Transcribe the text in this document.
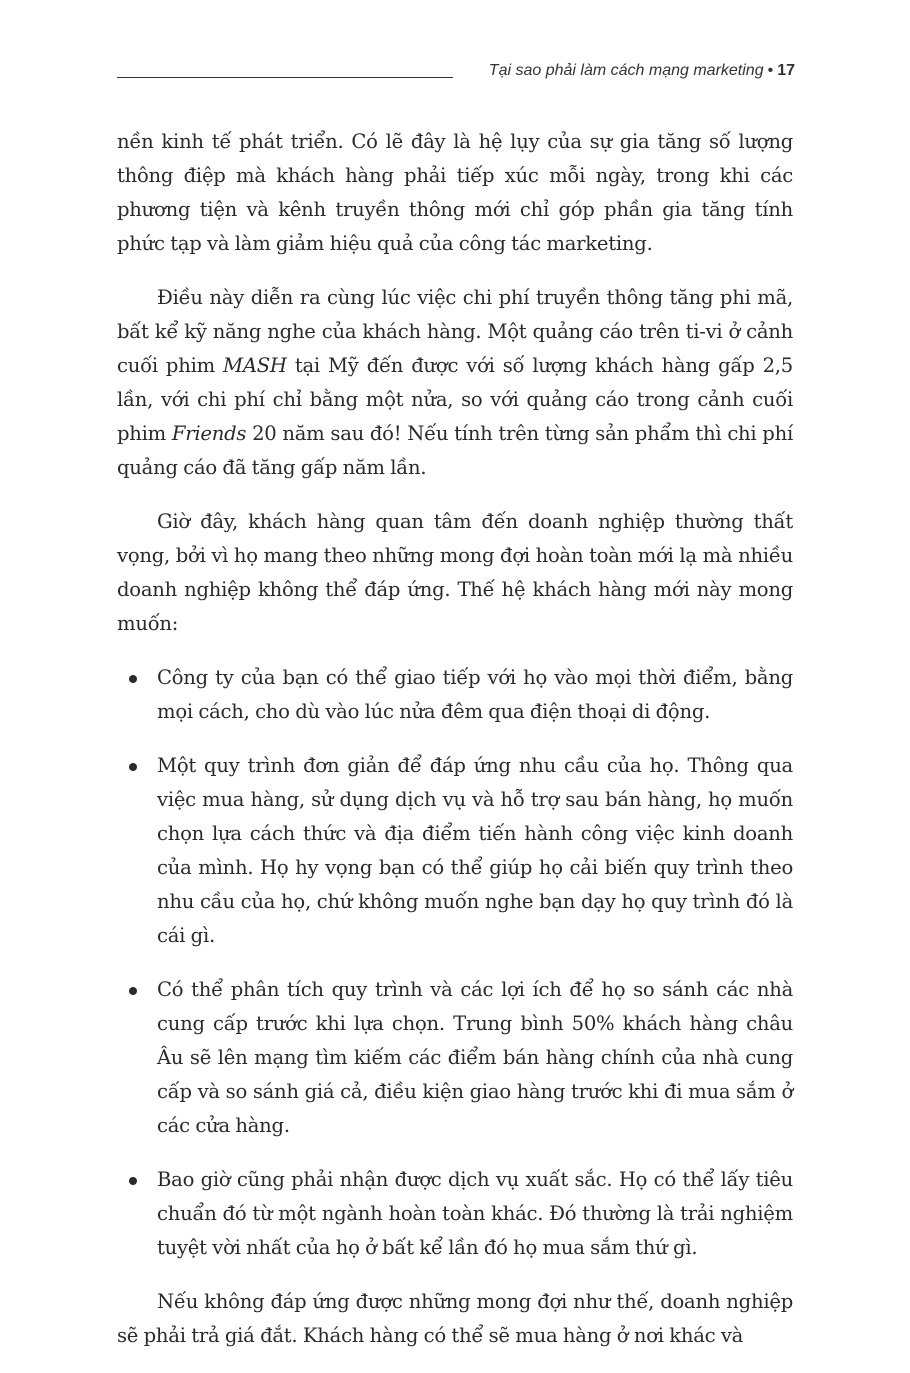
Tại sao phải làm cách mạng marketing • 17

nền kinh tế phát triển. Có lẽ đây là hệ lụy của sự gia tăng số lượng thông điệp mà khách hàng phải tiếp xúc mỗi ngày, trong khi các phương tiện và kênh truyền thông mới chỉ góp phần gia tăng tính phức tạp và làm giảm hiệu quả của công tác marketing.

Điều này diễn ra cùng lúc việc chi phí truyền thông tăng phi mã, bất kể kỹ năng nghe của khách hàng. Một quảng cáo trên ti-vi ở cảnh cuối phim MASH tại Mỹ đến được với số lượng khách hàng gấp 2,5 lần, với chi phí chỉ bằng một nửa, so với quảng cáo trong cảnh cuối phim Friends 20 năm sau đó! Nếu tính trên từng sản phẩm thì chi phí quảng cáo đã tăng gấp năm lần.

Giờ đây, khách hàng quan tâm đến doanh nghiệp thường thất vọng, bởi vì họ mang theo những mong đợi hoàn toàn mới lạ mà nhiều doanh nghiệp không thể đáp ứng. Thế hệ khách hàng mới này mong muốn:

Công ty của bạn có thể giao tiếp với họ vào mọi thời điểm, bằng mọi cách, cho dù vào lúc nửa đêm qua điện thoại di động.
Một quy trình đơn giản để đáp ứng nhu cầu của họ. Thông qua việc mua hàng, sử dụng dịch vụ và hỗ trợ sau bán hàng, họ muốn chọn lựa cách thức và địa điểm tiến hành công việc kinh doanh của mình. Họ hy vọng bạn có thể giúp họ cải biến quy trình theo nhu cầu của họ, chứ không muốn nghe bạn dạy họ quy trình đó là cái gì.
Có thể phân tích quy trình và các lợi ích để họ so sánh các nhà cung cấp trước khi lựa chọn. Trung bình 50% khách hàng châu Âu sẽ lên mạng tìm kiếm các điểm bán hàng chính của nhà cung cấp và so sánh giá cả, điều kiện giao hàng trước khi đi mua sắm ở các cửa hàng.
Bao giờ cũng phải nhận được dịch vụ xuất sắc. Họ có thể lấy tiêu chuẩn đó từ một ngành hoàn toàn khác. Đó thường là trải nghiệm tuyệt vời nhất của họ ở bất kể lần đó họ mua sắm thứ gì.

Nếu không đáp ứng được những mong đợi như thế, doanh nghiệp sẽ phải trả giá đắt. Khách hàng có thể sẽ mua hàng ở nơi khác và
